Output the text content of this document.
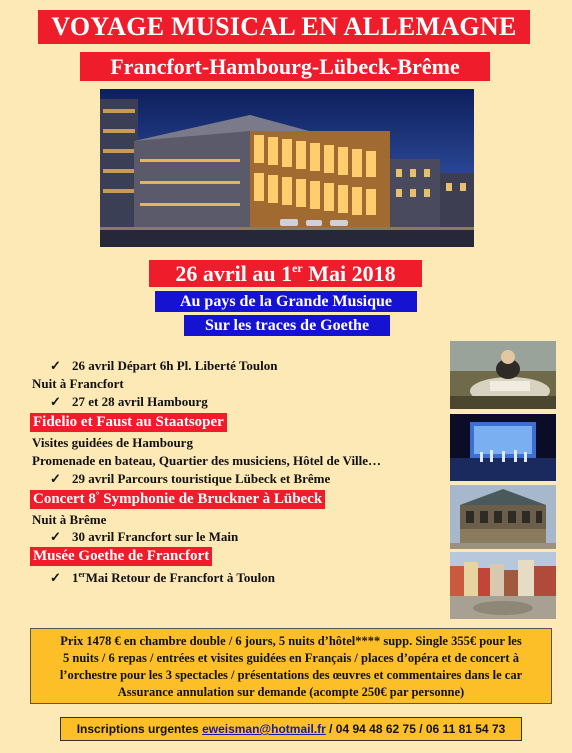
VOYAGE MUSICAL EN ALLEMAGNE
Francfort-Hambourg-Lübeck-Brême
26 avril au 1er Mai 2018
Au pays de la Grande Musique
Sur les traces de Goethe
✓ 26 avril Départ 6h Pl. Liberté Toulon
Nuit à Francfort
✓ 27 et 28 avril Hambourg
Fidelio et Faust au Staatsoper
Visites guidées de Hambourg
Promenade en bateau, Quartier des musiciens, Hôtel de Ville…
✓ 29 avril Parcours touristique Lübeck et Brême
Concert 8° Symphonie de Bruckner à Lübeck
Nuit à Brême
✓ 30 avril Francfort sur le Main
Musée Goethe de Francfort
✓ 1erMai Retour de Francfort à Toulon
Prix 1478 € en chambre double / 6 jours, 5 nuits d’hôtel**** supp. Single 355€ pour les
5 nuits / 6 repas / entrées et visites guidées en Français / places d’opéra et de concert à
l’orchestre pour les 3 spectacles / présentations des œuvres et commentaires dans le car
Assurance annulation sur demande (acompte 250€ par personne)
Inscriptions urgentes eweisman@hotmail.fr / 04 94 48 62 75 / 06 11 81 54 73
